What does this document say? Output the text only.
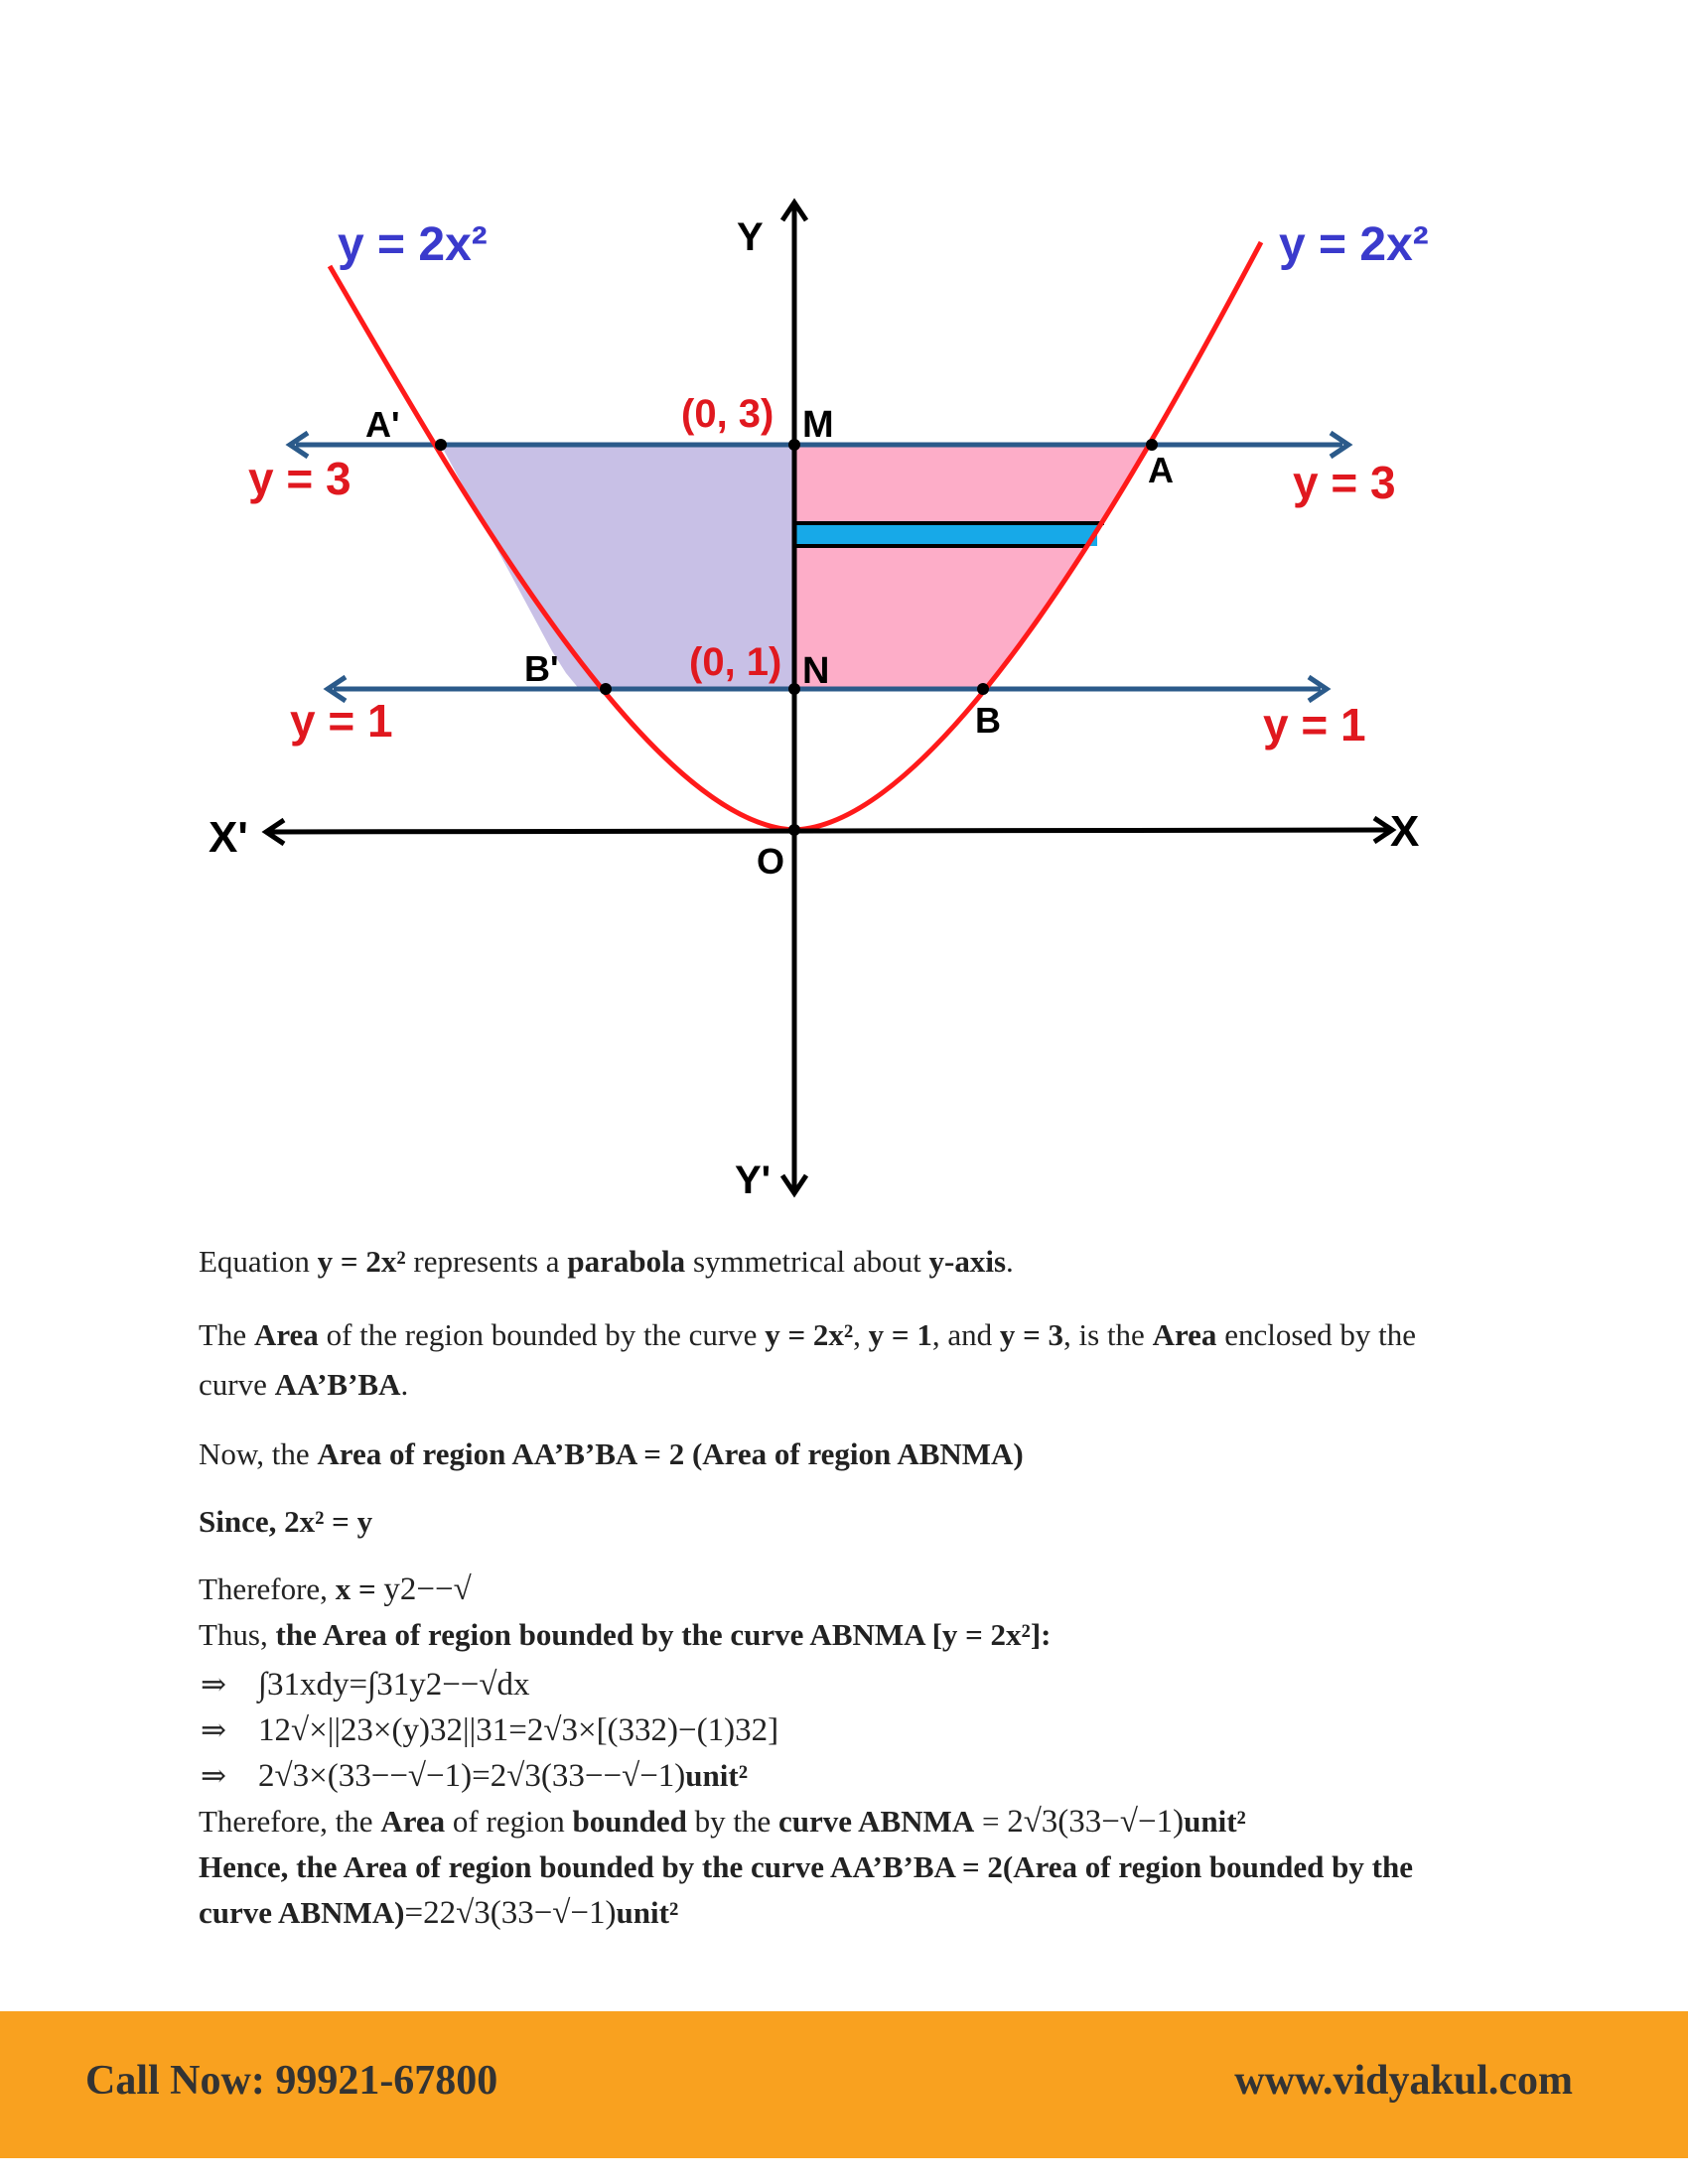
y = 2x²	y = 2x²
Y
Y'
X
X'	O
y = 3	y = 3
y = 1	y = 1
(0, 3) M
(0, 1) N
A
A'
B
B'

Equation y = 2x² represents a parabola symmetrical about y-axis.

The Area of the region bounded by the curve y = 2x², y = 1, and y = 3, is the Area enclosed by the curve AA’B’BA.

Now, the Area of region AA’B’BA = 2 (Area of region ABNMA)

Since, 2x² = y

Therefore, x = y2−−√

Thus, the Area of region bounded by the curve ABNMA [y = 2x²]:

⇒ ∫31xdy=∫31y2−−√dx

⇒ 12√×||23×(y)32||31=2√3×[(332)−(1)32]

⇒ 2√3×(33−−√−1)=2√3(33−−√−1)unit²

Therefore, the Area of region bounded by the curve ABNMA = 2√3(33−√−1)unit²

Hence, the Area of region bounded by the curve AA’B’BA = 2(Area of region bounded by the curve ABNMA)=22√3(33−√−1)unit²

Call Now: 99921-67800	www.vidyakul.com
